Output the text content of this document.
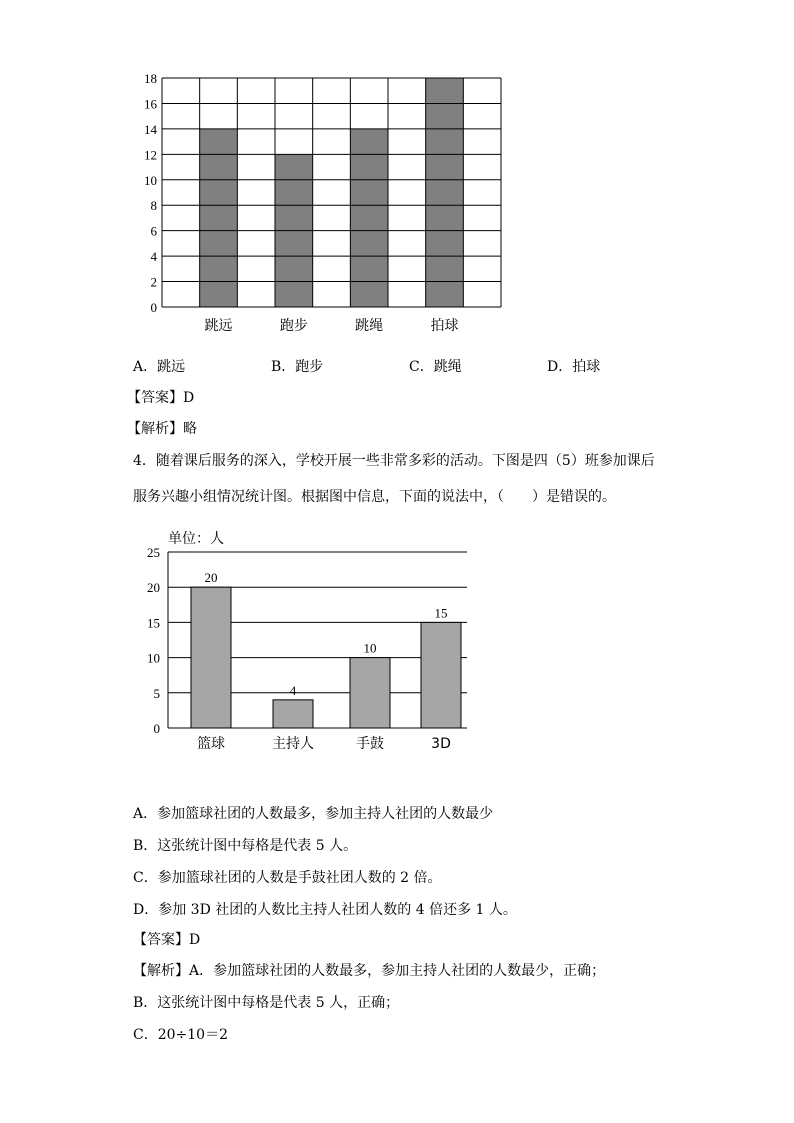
0
2
4
6
8
10
12
14
16
18
跳远	跑步	跳绳	拍球
A．跳远	B．跑步	C．跳绳	D．拍球
【答案】D
【解析】略
4．随着课后服务的深入，学校开展一些非常多彩的活动。下图是四（5）班参加课后
服务兴趣小组情况统计图。根据图中信息，下面的说法中，（　　）是错误的。
单位：人
0
5
10
15
20
25
20
4
10
15
篮球	主持人	手鼓	3D
A．参加篮球社团的人数最多，参加主持人社团的人数最少
B．这张统计图中每格是代表 5 人。
C．参加篮球社团的人数是手鼓社团人数的 2 倍。
D．参加 3D 社团的人数比主持人社团人数的 4 倍还多 1 人。
【答案】D
【解析】A．参加篮球社团的人数最多，参加主持人社团的人数最少，正确；
B．这张统计图中每格是代表 5 人，正确；
C．20÷10＝2
